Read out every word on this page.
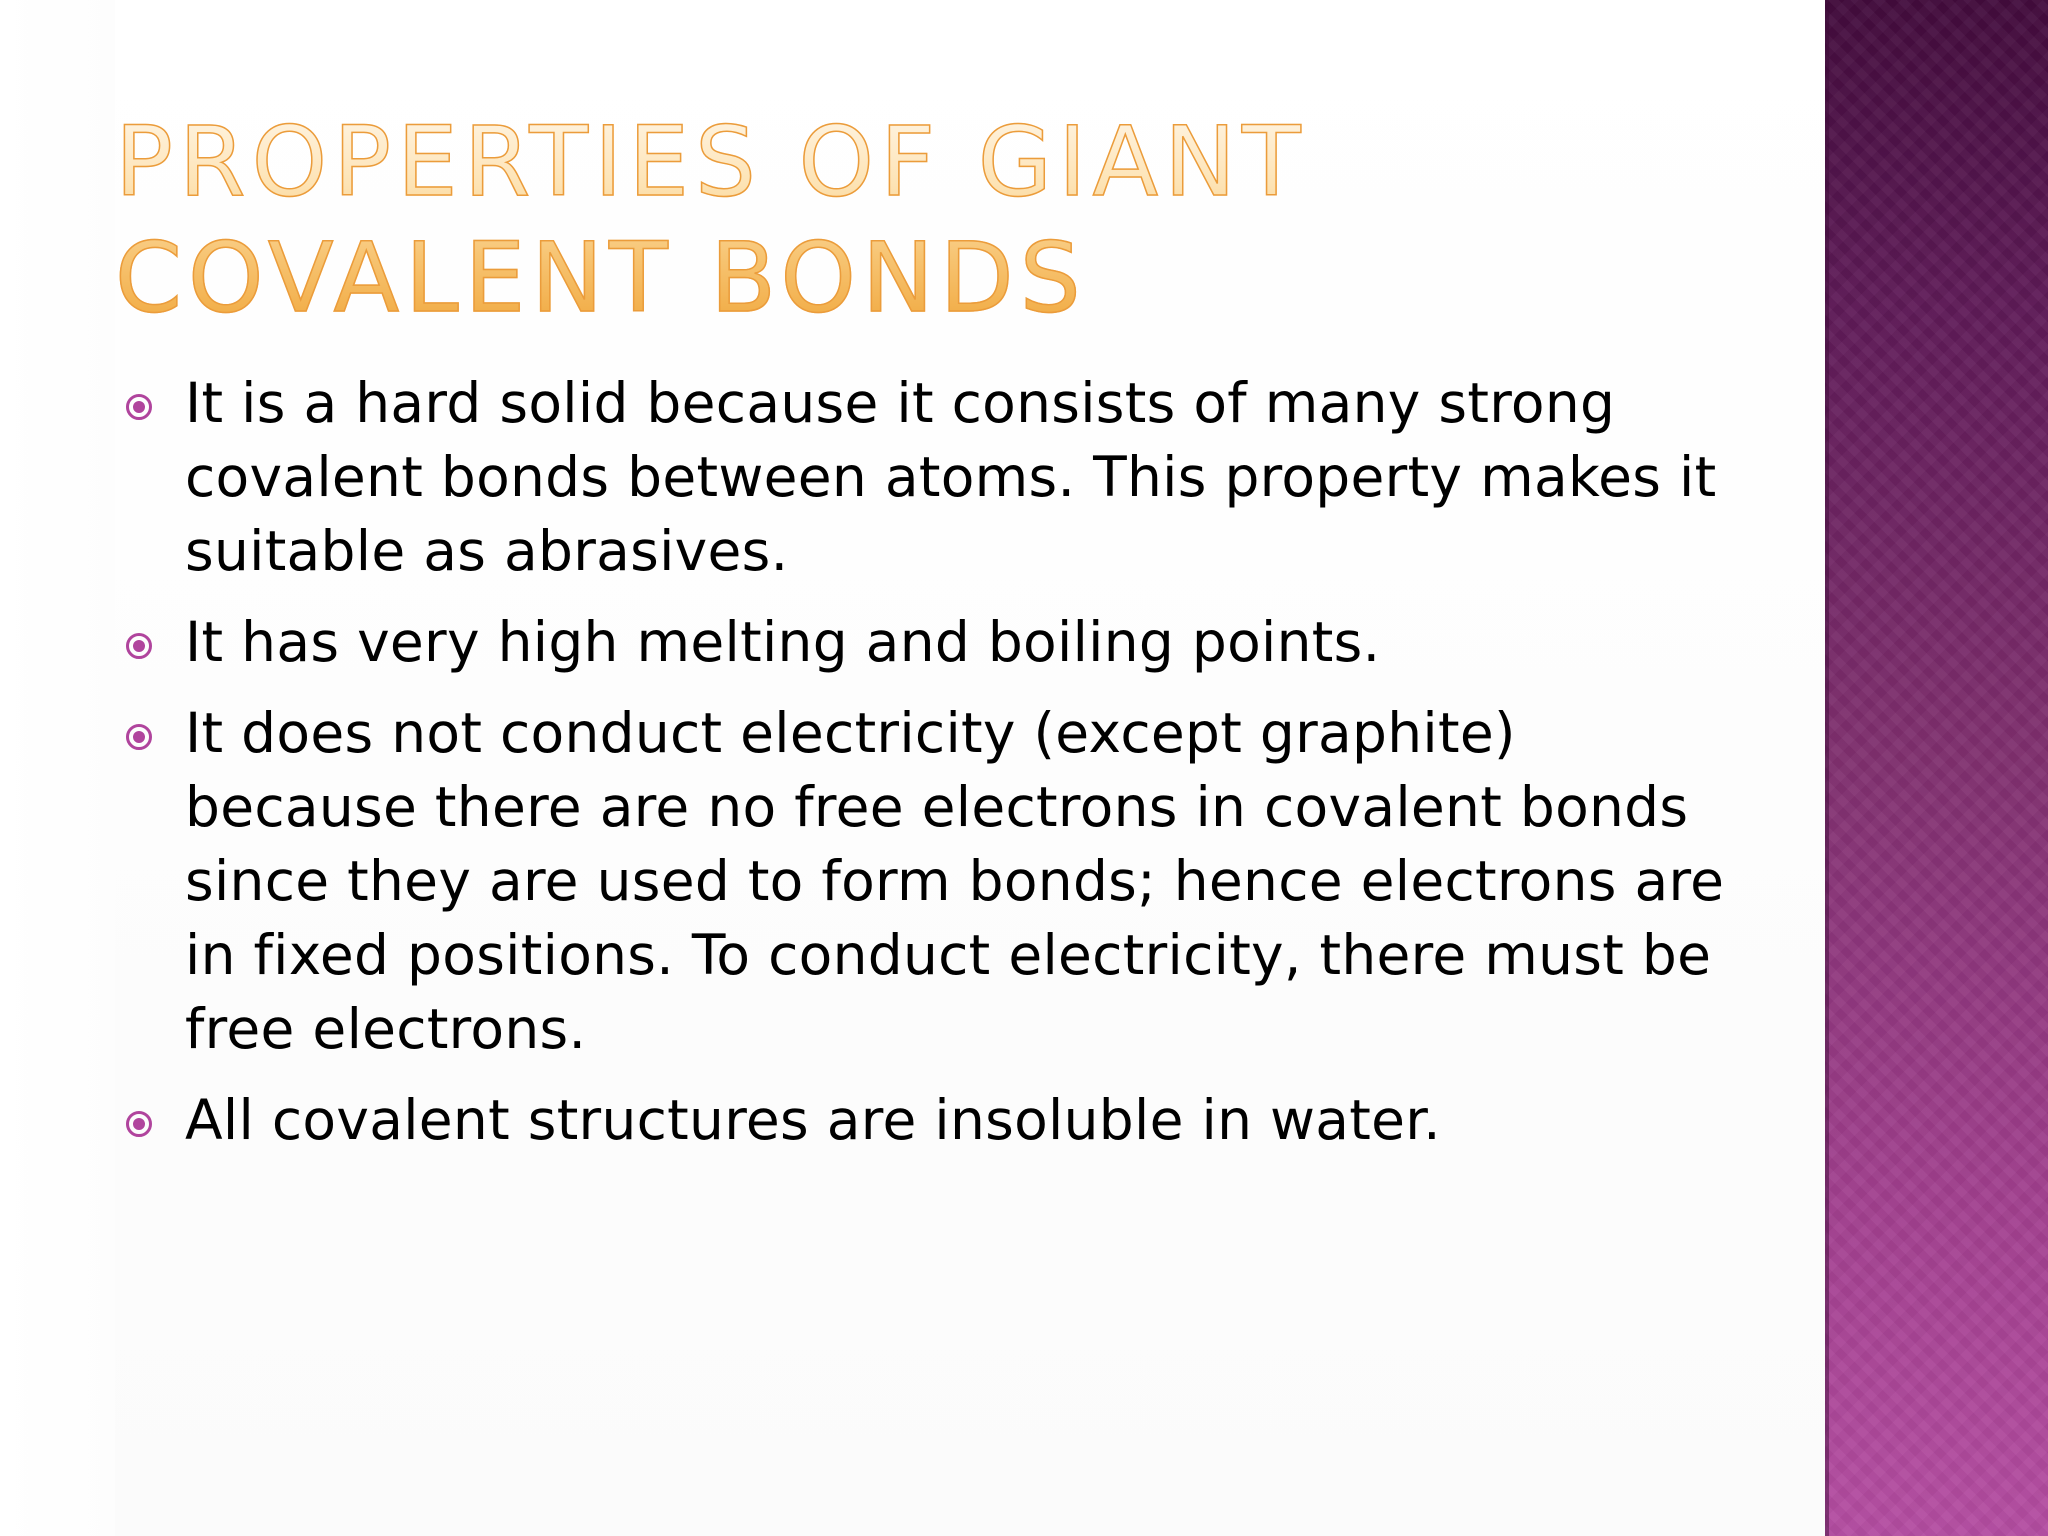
PROPERTIES OF GIANT COVALENT BONDS
It is a hard solid because it consists of many strong covalent bonds between atoms. This property makes it suitable as abrasives.
It has very high melting and boiling points.
It does not conduct electricity (except graphite) because there are no free electrons in covalent bonds since they are used to form bonds; hence electrons are in fixed positions. To conduct electricity, there must be free electrons.
All covalent structures are insoluble in water.
